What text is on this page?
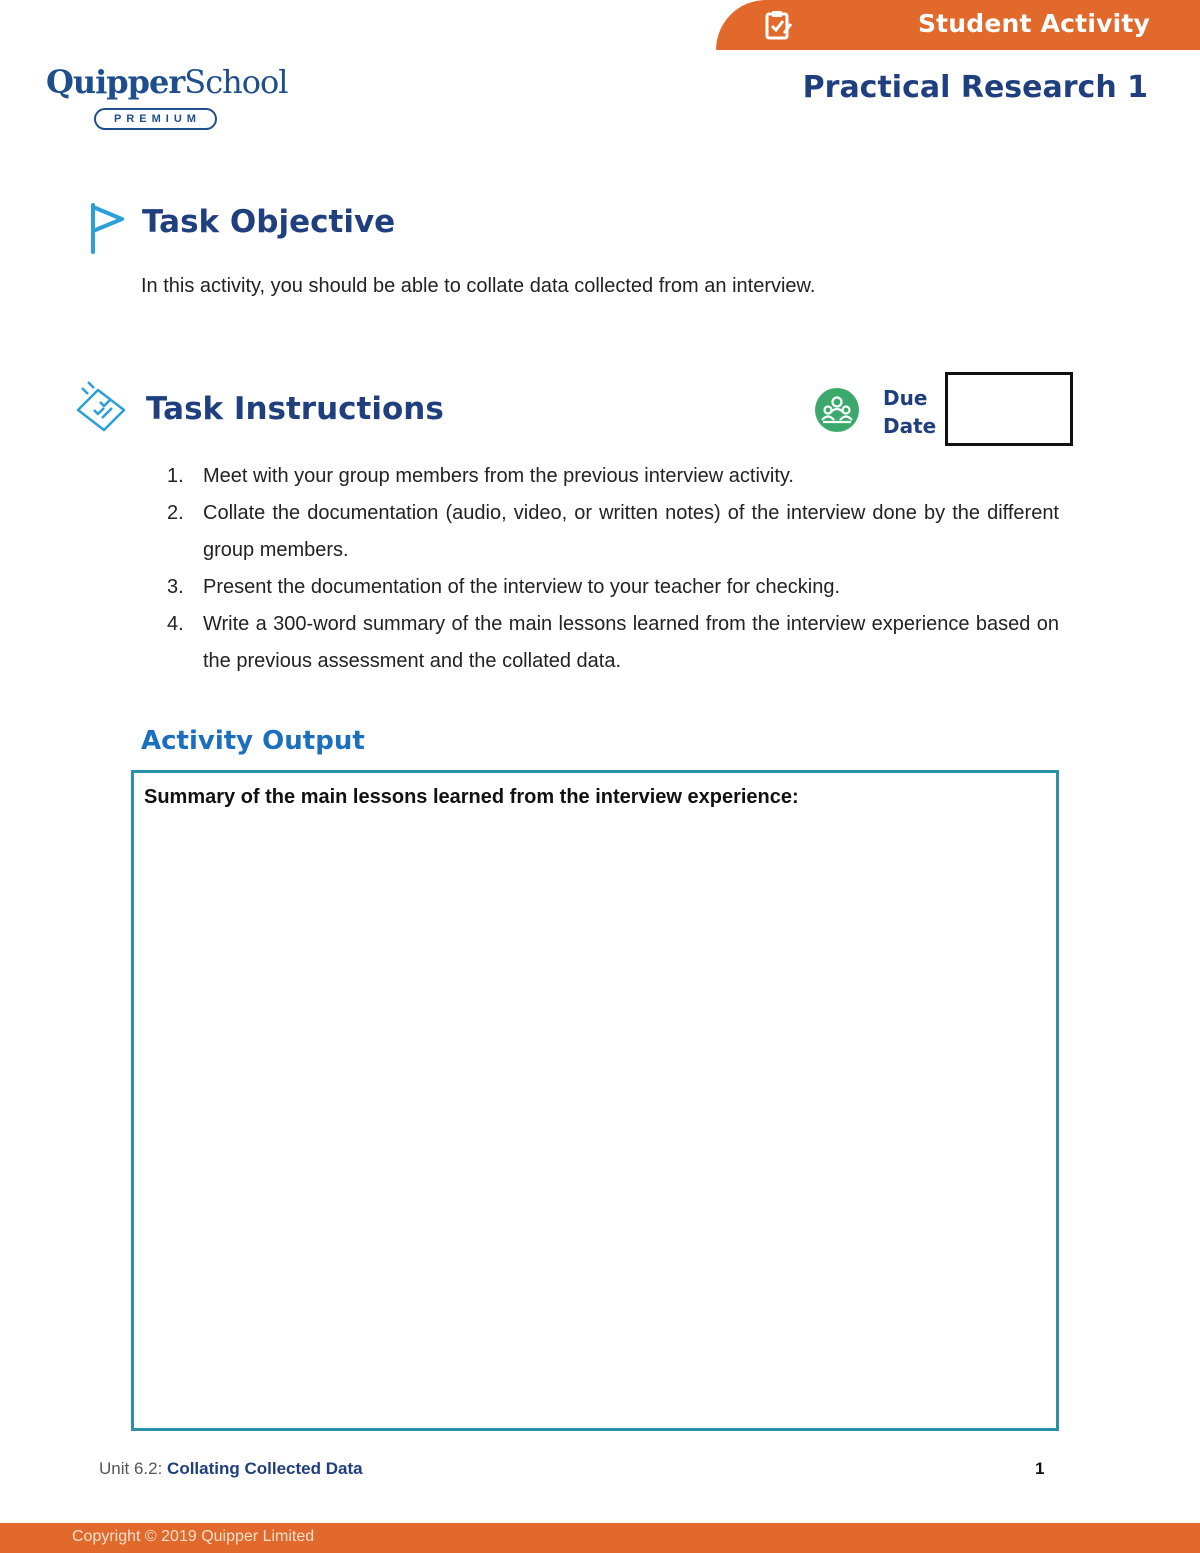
Student Activity
QuipperSchool
PREMIUM
Practical Research 1
Task Objective
In this activity, you should be able to collate data collected from an interview.
Task Instructions	Due
Date
1. Meet with your group members from the previous interview activity.
2. Collate the documentation (audio, video, or written notes) of the interview done by the different group members.
3. Present the documentation of the interview to your teacher for checking.
4. Write a 300-word summary of the main lessons learned from the interview experience based on the previous assessment and the collated data.
Activity Output
Summary of the main lessons learned from the interview experience:
Unit 6.2: Collating Collected Data	1
Copyright © 2019 Quipper Limited
